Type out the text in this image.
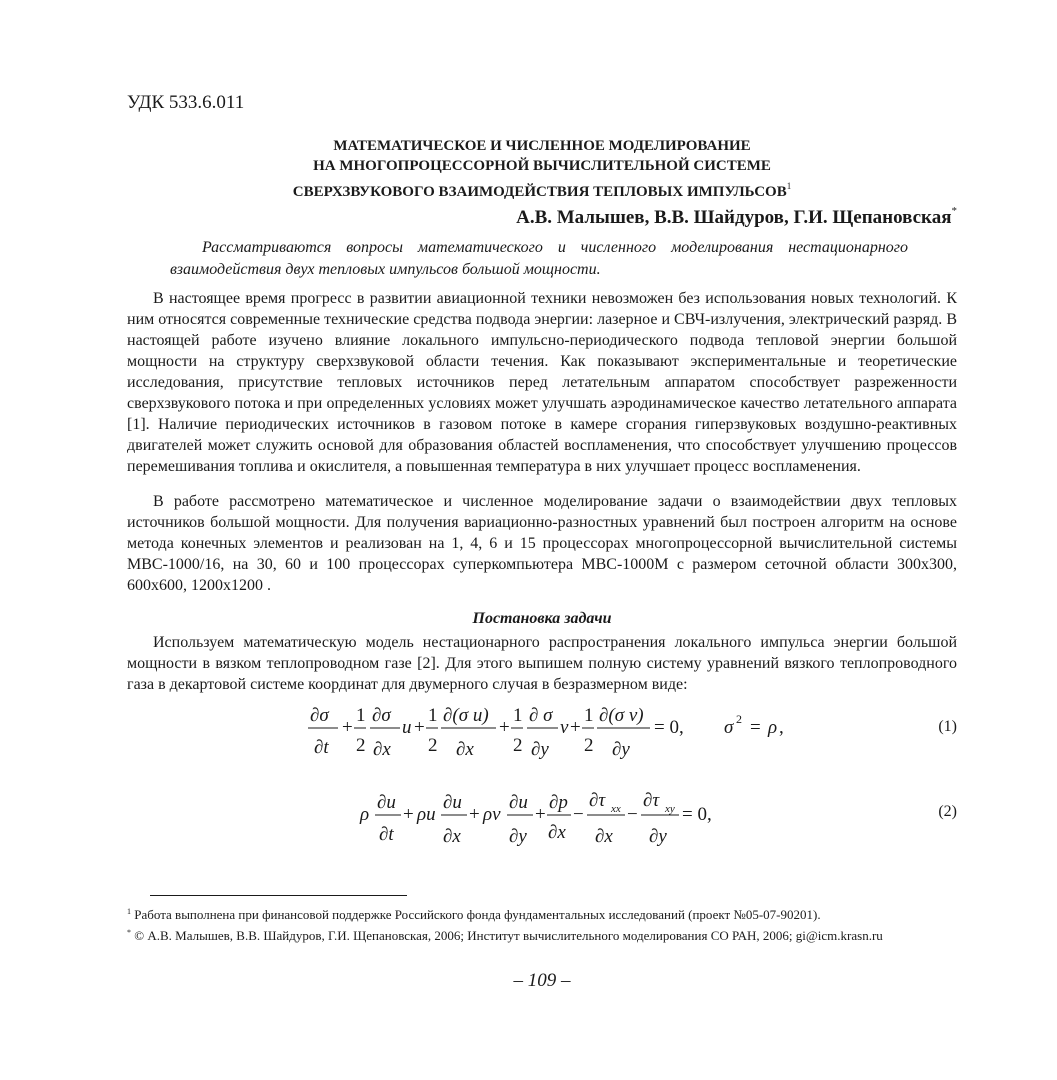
УДК 533.6.011
МАТЕМАТИЧЕСКОЕ И ЧИСЛЕННОЕ МОДЕЛИРОВАНИЕ
НА МНОГОПРОЦЕССОРНОЙ ВЫЧИСЛИТЕЛЬНОЙ СИСТЕМЕ
СВЕРХЗВУКОВОГО ВЗАИМОДЕЙСТВИЯ ТЕПЛОВЫХ ИМПУЛЬСОВ$^1$
А.В. Малышев, В.В. Шайдуров, Г.И. Щепановская*
Рассматриваются вопросы математического и численного моделирования нестационарного взаимодействия двух тепловых импульсов большой мощности.

В настоящее время прогресс в развитии авиационной техники невозможен без использования новых технологий. К ним относятся современные технические средства подвода энергии: лазерное и СВЧ-излучения, электрический разряд. В настоящей работе изучено влияние локального импульсно-периодического подвода тепловой энергии большой мощности на структуру сверхзвуковой области течения. Как показывают экспериментальные и теоретические исследования, присутствие тепловых источников перед летательным аппаратом способствует разреженности сверхзвукового потока и при определенных условиях может улучшать аэродинамическое качество летательного аппарата [1]. Наличие периодических источников в газовом потоке в камере сгорания гиперзвуковых воздушно-реактивных двигателей может служить основой для образования областей воспламенения, что способствует улучшению процессов перемешивания топлива и окислителя, а повышенная температура в них улучшает процесс воспламенения.

В работе рассмотрено математическое и численное моделирование задачи о взаимодействии двух тепловых источников большой мощности. Для получения вариационно-разностных уравнений был построен алгоритм на основе метода конечных элементов и реализован на 1, 4, 6 и 15 процессорах многопроцессорной вычислительной системы МВС-1000/16, на 30, 60 и 100 процессорах суперкомпьютера МВС-1000М с размером сеточной области 300x300, 600x600, 1200x1200 .

Постановка задачи

Используем математическую модель нестационарного распространения локального импульса энергии большой мощности в вязком теплопроводном газе [2]. Для этого выпишем полную систему уравнений вязкого теплопроводного газа в декартовой системе координат для двумерного случая в безразмерном виде:

∂σ
∂t
+
1
2
∂σ
∂x
u +
1
2
∂(σ u)
∂x
+
1
2
∂ σ
∂y
v +
1
2
∂(σ v)
∂y
= 0, σ 2 = ρ ,	(1)
ρ
∂u
∂t
+ ρu
∂u
∂x
+ ρv
∂u
∂y
+
∂p
∂x
−
∂τ xx
∂x
−
∂τ xy
∂y
= 0,	(2)
$^1$ Работа выполнена при финансовой поддержке Российского фонда фундаментальных исследований (проект №05-07-90201).
* © А.В. Малышев, В.В. Шайдуров, Г.И. Щепановская, 2006; Институт вычислительного моделирования СО РАН, 2006; gi@icm.krasn.ru
– 109 –
